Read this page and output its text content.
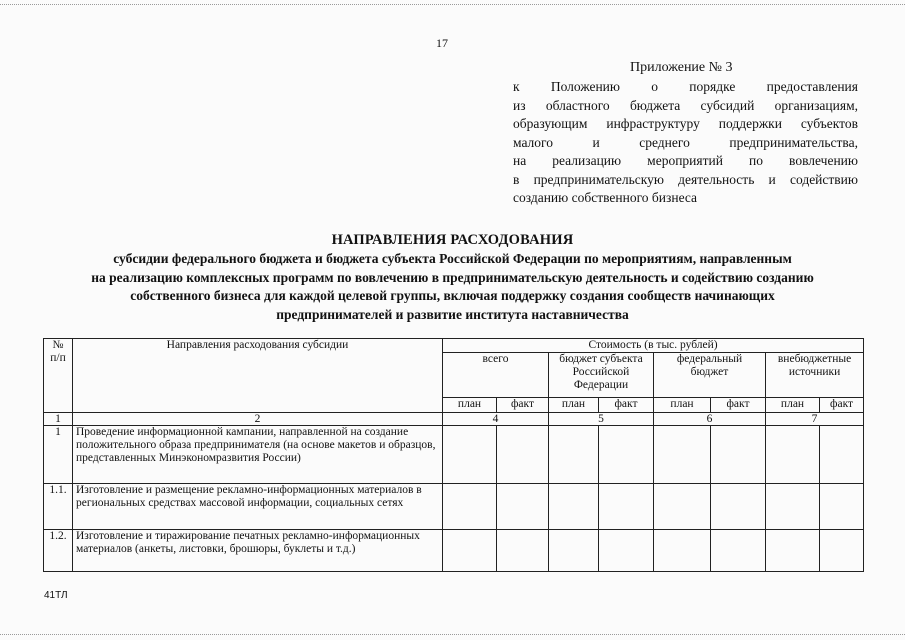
17
Приложение № 3
к Положению о порядке предоставления
из областного бюджета субсидий организациям,
образующим инфраструктуру поддержки субъектов
малого и среднего предпринимательства,
на реализацию мероприятий по вовлечению
в предпринимательскую деятельность и содействию
созданию собственного бизнеса
НАПРАВЛЕНИЯ РАСХОДОВАНИЯ
субсидии федерального бюджета и бюджета субъекта Российской Федерации по мероприятиям, направленным
на реализацию комплексных программ по вовлечению в предпринимательскую деятельность и содействию созданию
собственного бизнеса для каждой целевой группы, включая поддержку создания сообществ начинающих
предпринимателей и развитие института наставничества
№ п/п	Направления расходования субсидии	Стоимость (в тыс. рублей)							
		всего		бюджет субъекта Российской Федерации		федеральный бюджет		внебюджетные источники	
		план	факт	план	факт	план	факт	план	факт
1	2	4		5		6		7	
1	Проведение информационной кампании, направленной на создание положительного образа предпринимателя (на основе макетов и образцов, представленных Минэкономразвития России)								
1.1.	Изготовление и размещение рекламно-информационных материалов в региональных средствах массовой информации, социальных сетях								
1.2.	Изготовление и тиражирование печатных рекламно-информационных материалов (анкеты, листовки, брошюры, буклеты и т.д.)								
41ТЛ
